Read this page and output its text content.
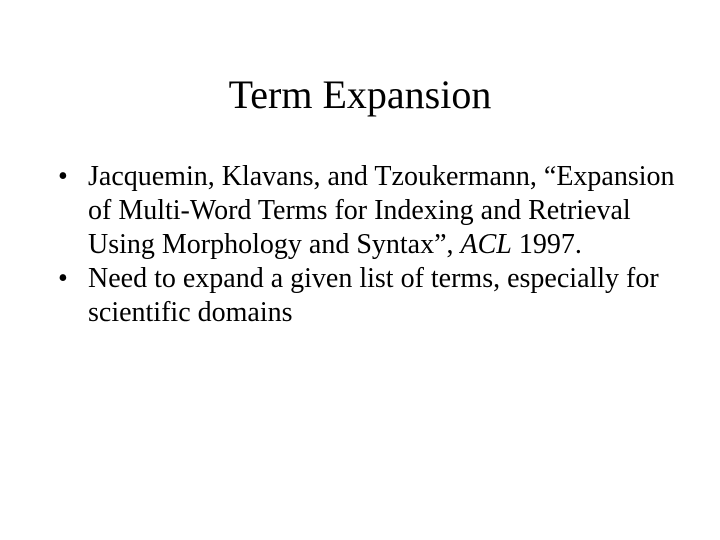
Term Expansion
• Jacquemin, Klavans, and Tzoukermann, “Expansion of Multi-Word Terms for Indexing and Retrieval Using Morphology and Syntax”, ACL 1997.
• Need to expand a given list of terms, especially for scientific domains
